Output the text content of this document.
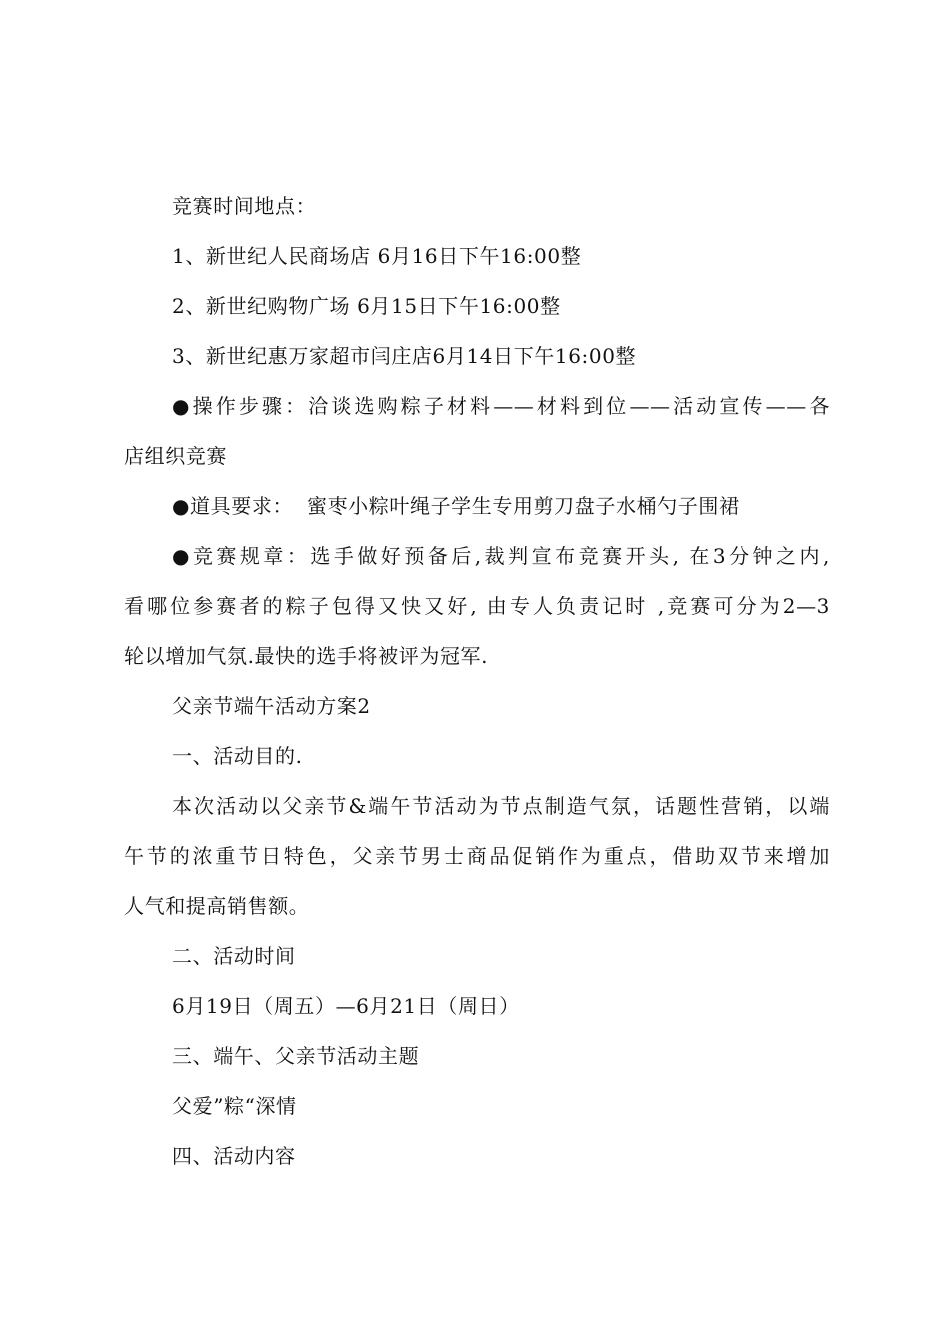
竞赛时间地点：
1、新世纪人民商场店 6月16日下午16:00整
2、新世纪购物广场 6月15日下午16:00整
3、新世纪惠万家超市闫庄店6月14日下午16:00整
●操作步骤：洽谈选购粽子材料——材料到位——活动宣传——各
店组织竞赛
●道具要求：  蜜枣小粽叶绳子学生专用剪刀盘子水桶勺子围裙
●竞赛规章：选手做好预备后,裁判宣布竞赛开头, 在3分钟之内,
看哪位参赛者的粽子包得又快又好, 由专人负责记时 ,竞赛可分为2—3
轮以增加气氛.最快的选手将被评为冠军.
父亲节端午活动方案2
一、活动目的.
本次活动以父亲节&端午节活动为节点制造气氛，话题性营销，以端
午节的浓重节日特色，父亲节男士商品促销作为重点，借助双节来增加
人气和提高销售额。
二、活动时间
6月19日（周五）—6月21日（周日）
三、端午、父亲节活动主题
父爱”粽“深情
四、活动内容
